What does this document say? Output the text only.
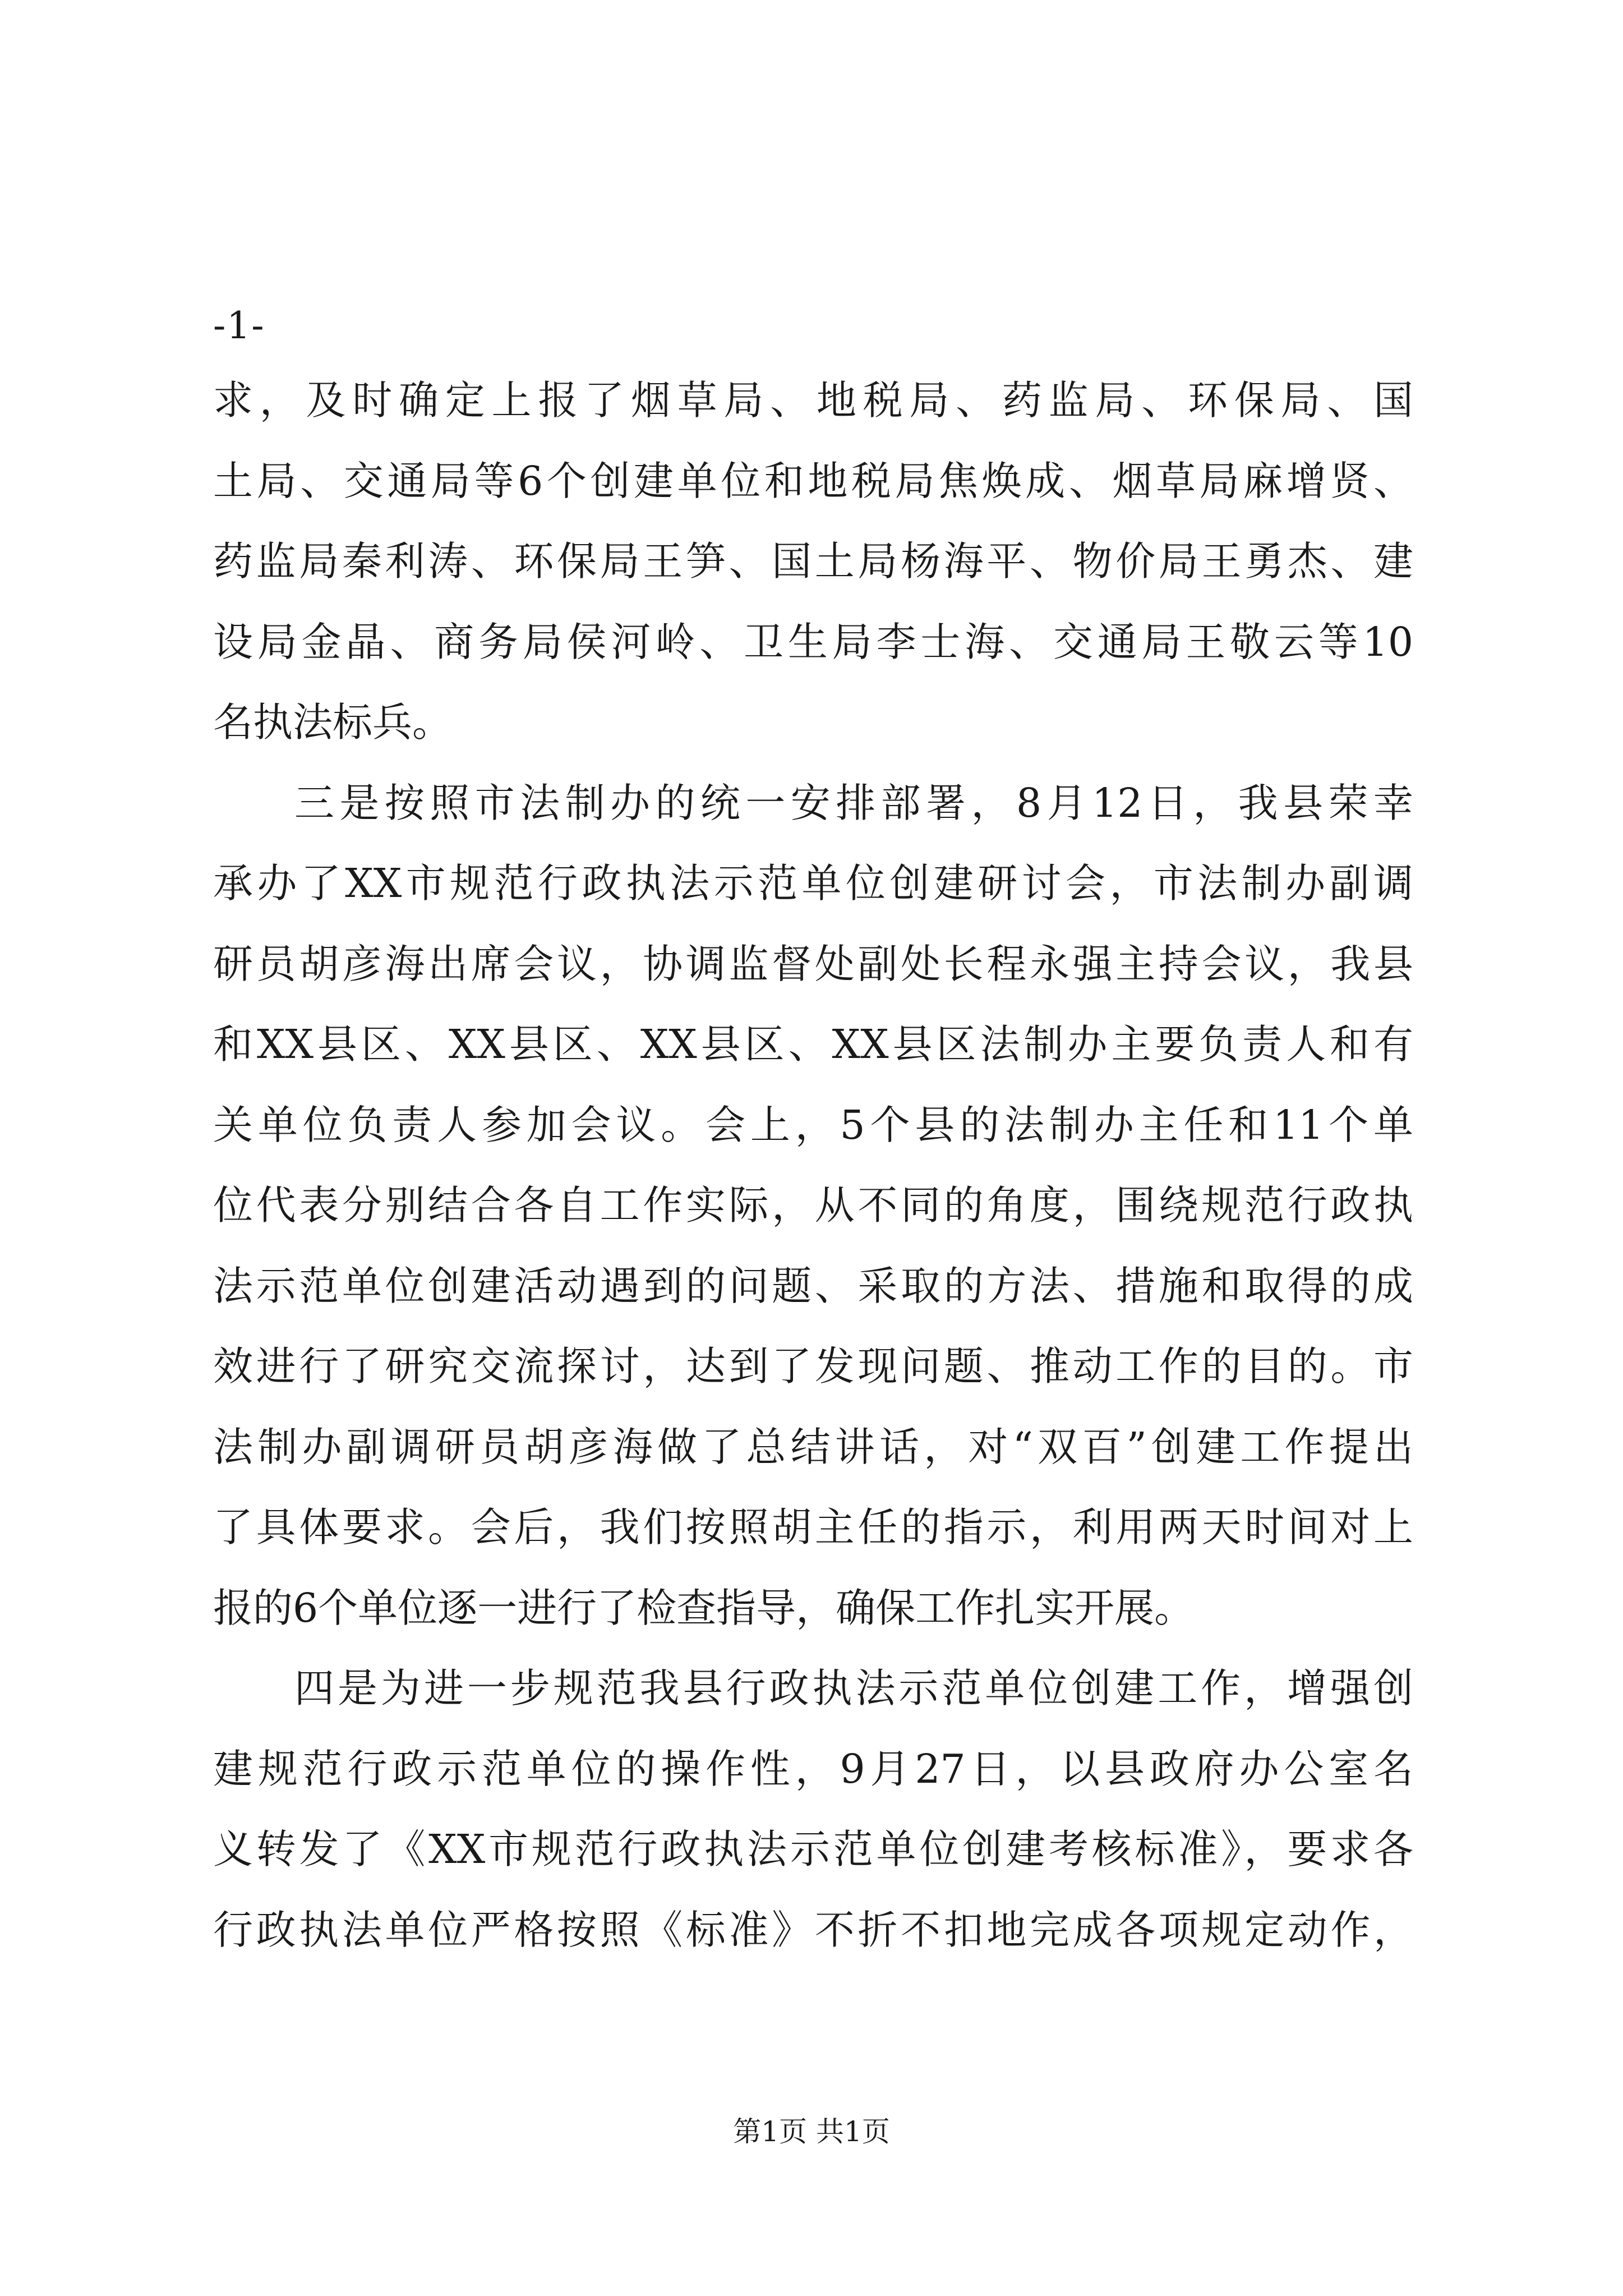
-1-
求，及时确定上报了烟草局、地税局、药监局、环保局、国
土局、交通局等6个创建单位和地税局焦焕成、烟草局麻增贤、
药监局秦利涛、环保局王笋、国土局杨海平、物价局王勇杰、建
设局金晶、商务局侯河岭、卫生局李士海、交通局王敬云等10
名执法标兵。
三是按照市法制办的统一安排部署，8月12日，我县荣幸
承办了XX市规范行政执法示范单位创建研讨会，市法制办副调
研员胡彦海出席会议，协调监督处副处长程永强主持会议，我县
和XX县区、XX县区、XX县区、XX县区法制办主要负责人和有
关单位负责人参加会议。会上，5个县的法制办主任和11个单
位代表分别结合各自工作实际，从不同的角度，围绕规范行政执
法示范单位创建活动遇到的问题、采取的方法、措施和取得的成
效进行了研究交流探讨，达到了发现问题、推动工作的目的。市
法制办副调研员胡彦海做了总结讲话，对“双百”创建工作提出
了具体要求。会后，我们按照胡主任的指示，利用两天时间对上
报的6个单位逐一进行了检查指导，确保工作扎实开展。
四是为进一步规范我县行政执法示范单位创建工作，增强创
建规范行政示范单位的操作性，9月27日，以县政府办公室名
义转发了《XX市规范行政执法示范单位创建考核标准》，要求各
行政执法单位严格按照《标准》不折不扣地完成各项规定动作，
第1页 共1页
